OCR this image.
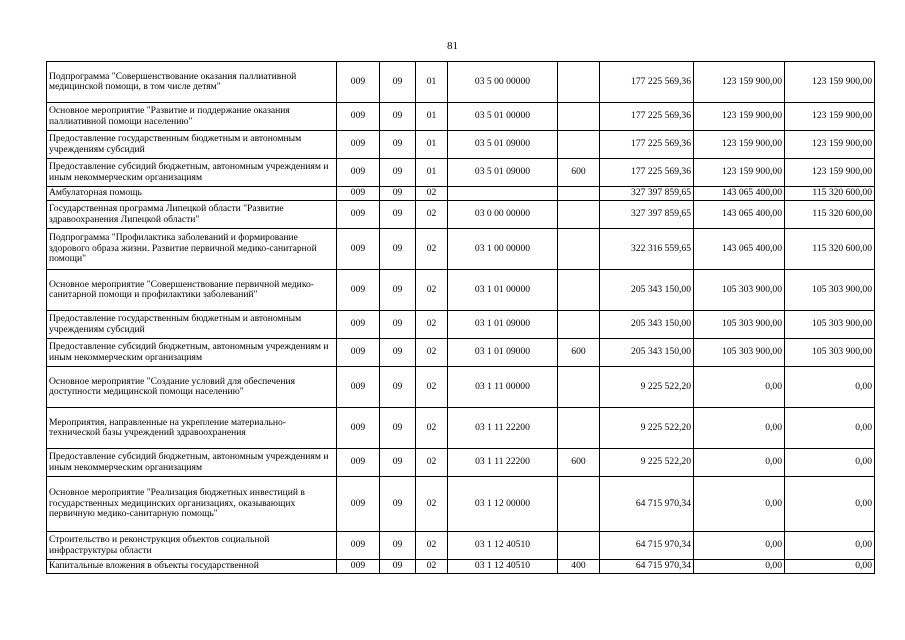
81
Подпрограмма "Совершенствование оказания паллиативной медицинской помощи, в том числе детям"	009	09	01	03 5 00 00000		177 225 569,36	123 159 900,00	123 159 900,00
Основное мероприятие "Развитие и поддержание оказания паллиативной помощи населению"	009	09	01	03 5 01 00000		177 225 569,36	123 159 900,00	123 159 900,00
Предоставление государственным бюджетным и автономным учреждениям субсидий	009	09	01	03 5 01 09000		177 225 569,36	123 159 900,00	123 159 900,00
Предоставление субсидий бюджетным, автономным учреждениям и иным некоммерческим организациям	009	09	01	03 5 01 09000	600	177 225 569,36	123 159 900,00	123 159 900,00
Амбулаторная помощь	009	09	02			327 397 859,65	143 065 400,00	115 320 600,00
Государственная программа Липецкой области "Развитие здравоохранения Липецкой области"	009	09	02	03 0 00 00000		327 397 859,65	143 065 400,00	115 320 600,00
Подпрограмма "Профилактика заболеваний и формирование здорового образа жизни. Развитие первичной медико-санитарной помощи"	009	09	02	03 1 00 00000		322 316 559,65	143 065 400,00	115 320 600,00
Основное мероприятие "Совершенствование первичной медико-санитарной помощи и профилактики заболеваний"	009	09	02	03 1 01 00000		205 343 150,00	105 303 900,00	105 303 900,00
Предоставление государственным бюджетным и автономным учреждениям субсидий	009	09	02	03 1 01 09000		205 343 150,00	105 303 900,00	105 303 900,00
Предоставление субсидий бюджетным, автономным учреждениям и иным некоммерческим организациям	009	09	02	03 1 01 09000	600	205 343 150,00	105 303 900,00	105 303 900,00
Основное мероприятие "Создание условий для обеспечения доступности медицинской помощи населению"	009	09	02	03 1 11 00000		9 225 522,20	0,00	0,00
Мероприятия, направленные на укрепление материально-технической базы учреждений здравоохранения	009	09	02	03 1 11 22200		9 225 522,20	0,00	0,00
Предоставление субсидий бюджетным, автономным учреждениям и иным некоммерческим организациям	009	09	02	03 1 11 22200	600	9 225 522,20	0,00	0,00
Основное мероприятие "Реализация бюджетных инвестиций в государственных медицинских организациях, оказывающих первичную медико-санитарную помощь"	009	09	02	03 1 12 00000		64 715 970,34	0,00	0,00
Строительство и реконструкция объектов социальной инфраструктуры области	009	09	02	03 1 12 40510		64 715 970,34	0,00	0,00
Капитальные вложения в объекты государственной	009	09	02	03 1 12 40510	400	64 715 970,34	0,00	0,00
